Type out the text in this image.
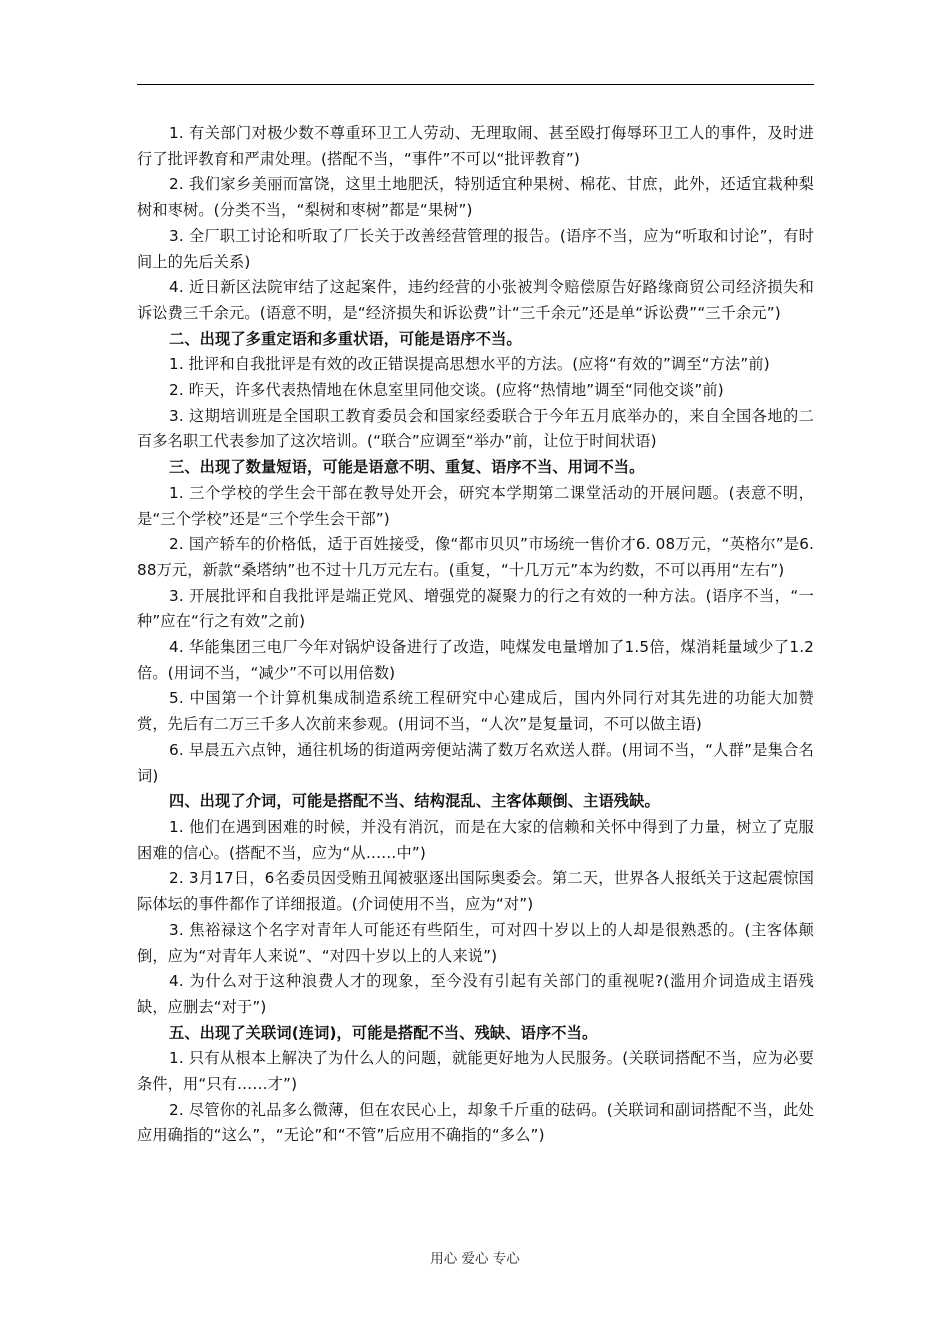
1. 有关部门对极少数不尊重环卫工人劳动、无理取闹、甚至殴打侮辱环卫工人的事件，及时进行了批评教育和严肃处理。(搭配不当，“事件”不可以“批评教育”)

2. 我们家乡美丽而富饶，这里土地肥沃，特别适宜种果树、棉花、甘庶，此外，还适宜栽种梨树和枣树。(分类不当，“梨树和枣树”都是“果树”)

3. 全厂职工讨论和听取了厂长关于改善经营管理的报告。(语序不当，应为“听取和讨论”，有时间上的先后关系)

4. 近日新区法院审结了这起案件，违约经营的小张被判令赔偿原告好路缘商贸公司经济损失和诉讼费三千余元。(语意不明，是“经济损失和诉讼费”计“三千余元”还是单“诉讼费”“三千余元”)

二、出现了多重定语和多重状语，可能是语序不当。

1. 批评和自我批评是有效的改正错误提高思想水平的方法。(应将“有效的”调至“方法”前)

2. 昨天，许多代表热情地在休息室里同他交谈。(应将“热情地”调至“同他交谈”前)

3. 这期培训班是全国职工教育委员会和国家经委联合于今年五月底举办的，来自全国各地的二百多名职工代表参加了这次培训。(“联合”应调至“举办”前，让位于时间状语)

三、出现了数量短语，可能是语意不明、重复、语序不当、用词不当。

1. 三个学校的学生会干部在教导处开会，研究本学期第二课堂活动的开展问题。(表意不明，是“三个学校”还是“三个学生会干部”)

2. 国产轿车的价格低，适于百姓接受，像“都市贝贝”市场统一售价才6. 08万元，“英格尔”是6. 88万元，新款“桑塔纳”也不过十几万元左右。(重复，“十几万元”本为约数，不可以再用“左右”)

3. 开展批评和自我批评是端正党风、增强党的凝聚力的行之有效的一种方法。(语序不当，“一种”应在“行之有效”之前)

4. 华能集团三电厂今年对锅炉设备进行了改造，吨煤发电量增加了1.5倍，煤消耗量域少了1.2倍。(用词不当，“减少”不可以用倍数)

5. 中国第一个计算机集成制造系统工程研究中心建成后，国内外同行对其先进的功能大加赞赏，先后有二万三千多人次前来参观。(用词不当，“人次”是复量词，不可以做主语)

6. 早晨五六点钟，通往机场的街道两旁便站满了数万名欢送人群。(用词不当，“人群”是集合名词)

四、出现了介词，可能是搭配不当、结构混乱、主客体颠倒、主语残缺。

1. 他们在遇到困难的时候，并没有消沉，而是在大家的信赖和关怀中得到了力量，树立了克服困难的信心。(搭配不当，应为“从……中”)

2. 3月17日，6名委员因受贿丑闻被驱逐出国际奥委会。第二天，世界各人报纸关于这起震惊国际体坛的事件都作了详细报道。(介词使用不当，应为“对”)

3. 焦裕禄这个名字对青年人可能还有些陌生，可对四十岁以上的人却是很熟悉的。(主客体颠倒，应为“对青年人来说”、“对四十岁以上的人来说”)

4. 为什么对于这种浪费人才的现象，至今没有引起有关部门的重视呢?(滥用介词造成主语残缺，应删去“对于”)

五、出现了关联词(连词)，可能是搭配不当、残缺、语序不当。

1. 只有从根本上解决了为什么人的问题，就能更好地为人民服务。(关联词搭配不当，应为必要条件，用“只有……才”)

2. 尽管你的礼品多么微薄，但在农民心上，却象千斤重的砝码。(关联词和副词搭配不当，此处应用确指的“这么”，“无论”和“不管”后应用不确指的“多么”)

用心 爱心 专心
